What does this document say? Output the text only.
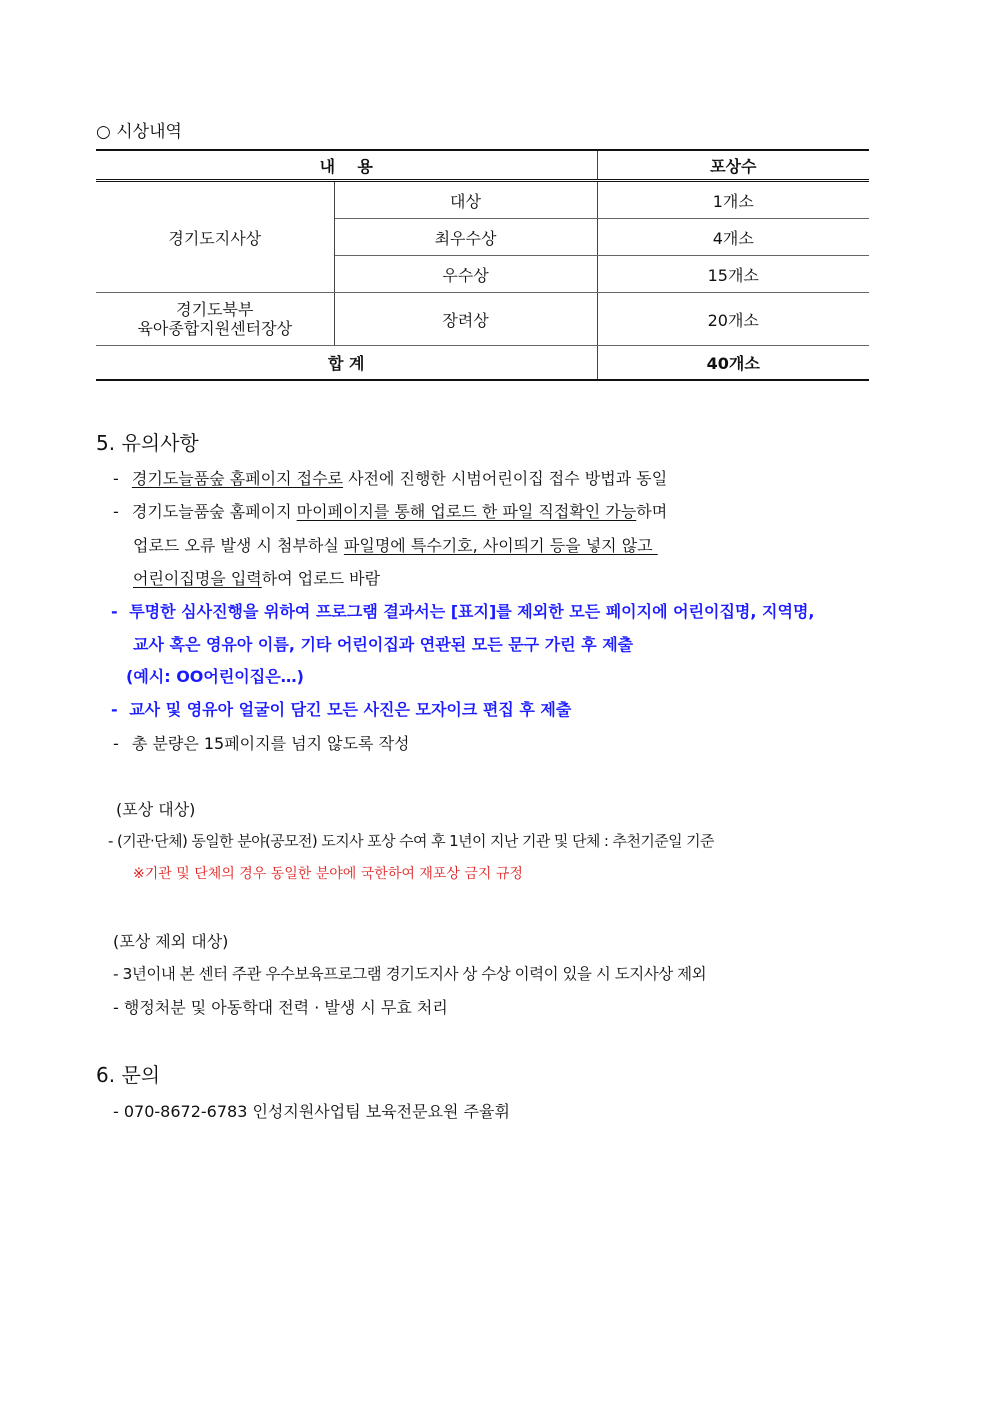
○ 시상내역
내    용		포상수
경기도지사상	대상	1개소
	최우수상	4개소
	우수상	15개소

경기도북부
육아종합지원센터장상	장려상	20개소
합 계		40개소
5. 유의사항
- 경기도늘품숲 홈페이지 접수로 사전에 진행한 시범어린이집 접수 방법과 동일
- 경기도늘품숲 홈페이지 마이페이지를 통해 업로드 한 파일 직접확인 가능하며
업로드 오류 발생 시 첨부하실 파일명에 특수기호, 사이띄기 등을 넣지 않고
어린이집명을 입력하여 업로드 바람
- 투명한 심사진행을 위하여 프로그램 결과서는 [표지]를 제외한 모든 페이지에 어린이집명, 지역명,
교사 혹은 영유아 이름, 기타 어린이집과 연관된 모든 문구 가린 후 제출
(예시: OO어린이집은…)
- 교사 및 영유아 얼굴이 담긴 모든 사진은 모자이크 편집 후 제출
- 총 분량은 15페이지를 넘지 않도록 작성
(포상 대상)
- (기관·단체) 동일한 분야(공모전) 도지사 포상 수여 후 1년이 지난 기관 및 단체 : 추천기준일 기준
※기관 및 단체의 경우 동일한 분야에 국한하여 재포상 금지 규정
(포상 제외 대상)
- 3년이내 본 센터 주관 우수보육프로그램 경기도지사 상 수상 이력이 있을 시 도지사상 제외
- 행정처분 및 아동학대 전력 · 발생 시 무효 처리
6. 문의
- 070-8672-6783 인성지원사업팀 보육전문요원 주율휘
